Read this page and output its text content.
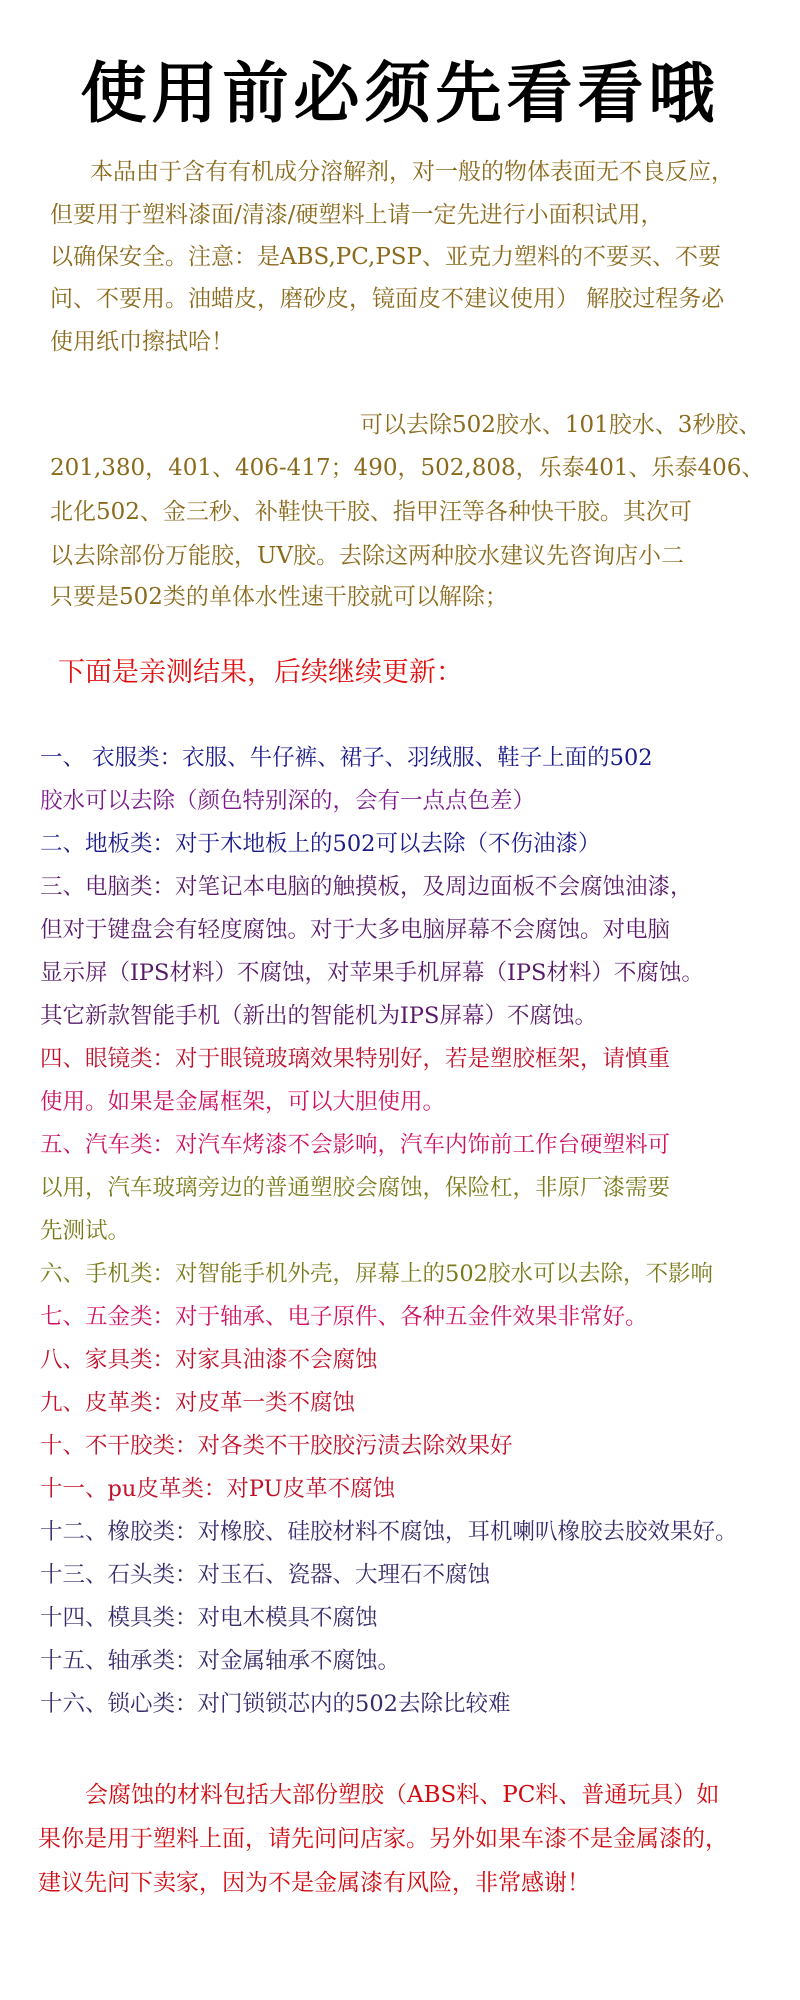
使用前必须先看看哦
本品由于含有有机成分溶解剂，对一般的物体表面无不良反应，
但要用于塑料漆面/清漆/硬塑料上请一定先进行小面积试用，
以确保安全。注意：是ABS,PC,PSP、亚克力塑料的不要买、不要
问、不要用。油蜡皮，磨砂皮，镜面皮不建议使用） 解胶过程务必
使用纸巾擦拭哈！
可以去除502胶水、101胶水、3秒胶、
201,380，401、406-417；490，502,808，乐泰401、乐泰406、
北化502、金三秒、补鞋快干胶、指甲汪等各种快干胶。其次可
以去除部份万能胶，UV胶。去除这两种胶水建议先咨询店小二
只要是502类的单体水性速干胶就可以解除；
下面是亲测结果，后续继续更新：
一、 衣服类：衣服、牛仔裤、裙子、羽绒服、鞋子上面的502
胶水可以去除（颜色特别深的，会有一点点色差）
二、地板类：对于木地板上的502可以去除（不伤油漆）
三、电脑类：对笔记本电脑的触摸板，及周边面板不会腐蚀油漆，
但对于键盘会有轻度腐蚀。对于大多电脑屏幕不会腐蚀。对电脑
显示屏（IPS材料）不腐蚀，对苹果手机屏幕（IPS材料）不腐蚀。
其它新款智能手机（新出的智能机为IPS屏幕）不腐蚀。
四、眼镜类：对于眼镜玻璃效果特别好，若是塑胶框架，请慎重
使用。如果是金属框架，可以大胆使用。
五、汽车类：对汽车烤漆不会影响，汽车内饰前工作台硬塑料可
以用，汽车玻璃旁边的普通塑胶会腐蚀，保险杠，非原厂漆需要
先测试。
六、手机类：对智能手机外壳，屏幕上的502胶水可以去除，不影响
七、五金类：对于轴承、电子原件、各种五金件效果非常好。
八、家具类：对家具油漆不会腐蚀
九、皮革类：对皮革一类不腐蚀
十、不干胶类：对各类不干胶胶污渍去除效果好
十一、pu皮革类：对PU皮革不腐蚀
十二、橡胶类：对橡胶、硅胶材料不腐蚀，耳机喇叭橡胶去胶效果好。
十三、石头类：对玉石、瓷器、大理石不腐蚀
十四、模具类：对电木模具不腐蚀
十五、轴承类：对金属轴承不腐蚀。
十六、锁心类：对门锁锁芯内的502去除比较难
会腐蚀的材料包括大部份塑胶（ABS料、PC料、普通玩具）如
果你是用于塑料上面，请先问问店家。另外如果车漆不是金属漆的，
建议先问下卖家，因为不是金属漆有风险，非常感谢！
